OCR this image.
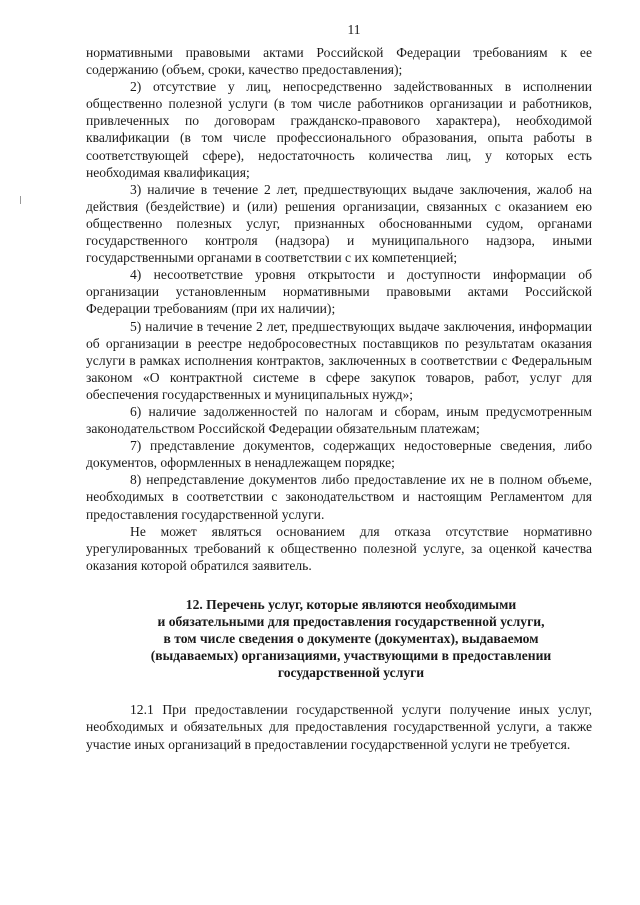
11

нормативными правовыми актами Российской Федерации требованиям к ее содержанию (объем, сроки, качество предоставления);

2) отсутствие у лиц, непосредственно задействованных в исполнении общественно полезной услуги (в том числе работников организации и работников, привлеченных по договорам гражданско-правового характера), необходимой квалификации (в том числе профессионального образования, опыта работы в соответствующей сфере), недостаточность количества лиц, у которых есть необходимая квалификация;

3) наличие в течение 2 лет, предшествующих выдаче заключения, жалоб на действия (бездействие) и (или) решения организации, связанных с оказанием ею общественно полезных услуг, признанных обоснованными судом, органами государственного контроля (надзора) и муниципального надзора, иными государственными органами в соответствии с их компетенцией;

4) несоответствие уровня открытости и доступности информации об организации установленным нормативными правовыми актами Российской Федерации требованиям (при их наличии);

5) наличие в течение 2 лет, предшествующих выдаче заключения, информации об организации в реестре недобросовестных поставщиков по результатам оказания услуги в рамках исполнения контрактов, заключенных в соответствии с Федеральным законом «О контрактной системе в сфере закупок товаров, работ, услуг для обеспечения государственных и муниципальных нужд»;

6) наличие задолженностей по налогам и сборам, иным предусмотренным законодательством Российской Федерации обязательным платежам;

7) представление документов, содержащих недостоверные сведения, либо документов, оформленных в ненадлежащем порядке;

8) непредставление документов либо предоставление их не в полном объеме, необходимых в соответствии с законодательством и настоящим Регламентом для предоставления государственной услуги.

Не может являться основанием для отказа отсутствие нормативно урегулированных требований к общественно полезной услуге, за оценкой качества оказания которой обратился заявитель.

12. Перечень услуг, которые являются необходимыми
и обязательными для предоставления государственной услуги,
в том числе сведения о документе (документах), выдаваемом
(выдаваемых) организациями, участвующими в предоставлении
государственной услуги

12.1 При предоставлении государственной услуги получение иных услуг, необходимых и обязательных для предоставления государственной услуги, а также участие иных организаций в предоставлении государственной услуги не требуется.
